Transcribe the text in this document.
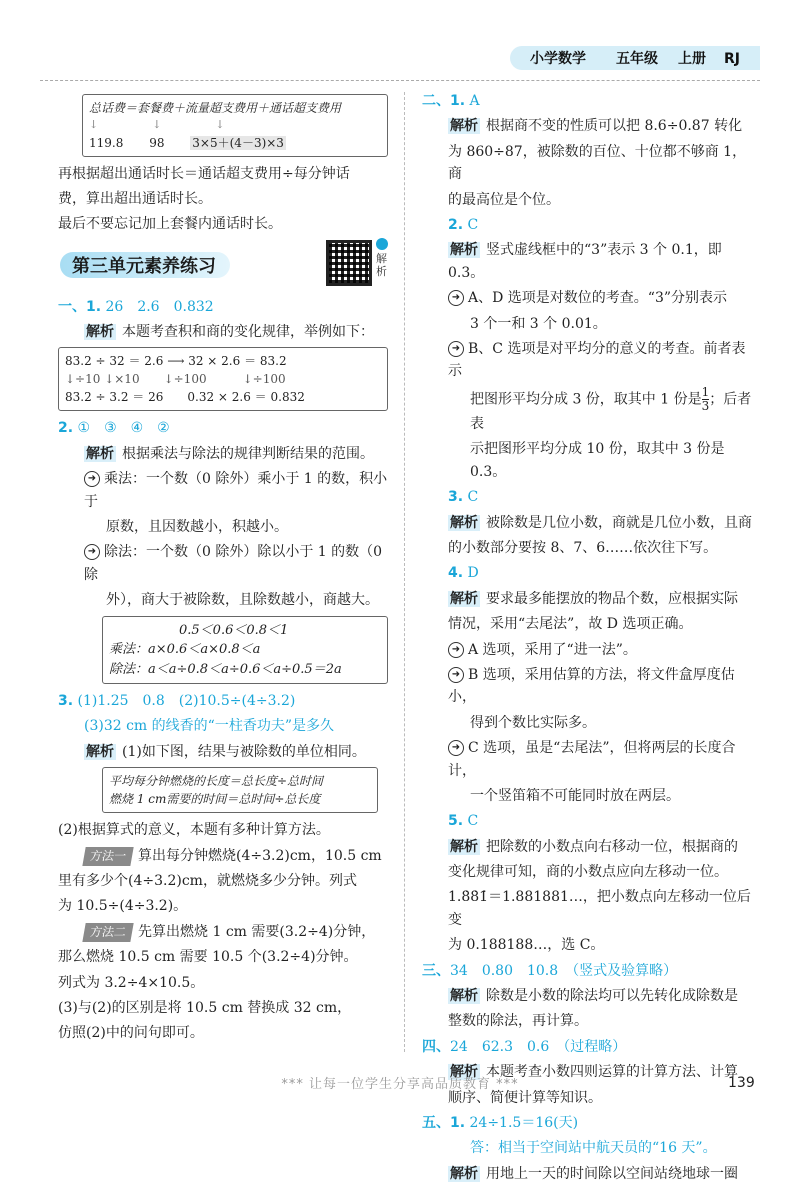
小学数学 五年级 上册 RJ
总话费＝套餐费＋流量超支费用＋通话超支费用
↓　　　　↓　　　　↓
119.8 98 3×5＋(4－3)×3
再根据超出通话时长＝通话超支费用÷每分钟话
费，算出超出通话时长。
最后不要忘记加上套餐内通话时长。
第三单元素养练习	解析
一、1. 26　2.6　0.832
解析 本题考查积和商的变化规律，举例如下：
83.2 ÷ 32 ＝ 2.6 ⟶ 32 × 2.6 ＝ 83.2
↓÷10 ↓×10　　↓÷100　　　↓÷100
83.2 ÷ 3.2 ＝ 26　　0.32 × 2.6 ＝ 0.832
2. ①　③　④　②
解析 根据乘法与除法的规律判断结果的范围。
➜ 乘法：一个数（0 除外）乘小于 1 的数，积小于
原数，且因数越小，积越小。
➜ 除法：一个数（0 除外）除以小于 1 的数（0 除
外），商大于被除数，且除数越小，商越大。
0.5＜0.6＜0.8＜1
乘法：a×0.6＜a×0.8＜a
除法：a＜a÷0.8＜a÷0.6＜a÷0.5＝2a
3. (1)1.25　0.8　(2)10.5÷(4÷3.2)
(3)32 cm 的线香的“一柱香功夫”是多久
解析 (1)如下图，结果与被除数的单位相同。
平均每分钟燃烧的长度＝总长度÷总时间
燃烧 1 cm需要的时间＝总时间÷总长度
(2)根据算式的意义，本题有多种计算方法。
方法一 算出每分钟燃烧(4÷3.2)cm，10.5 cm
里有多少个(4÷3.2)cm，就燃烧多少分钟。列式
为 10.5÷(4÷3.2)。
方法二 先算出燃烧 1 cm 需要(3.2÷4)分钟，
那么燃烧 10.5 cm 需要 10.5 个(3.2÷4)分钟。
列式为 3.2÷4×10.5。
(3)与(2)的区别是将 10.5 cm 替换成 32 cm，
仿照(2)中的问句即可。
二、1. A
解析 根据商不变的性质可以把 8.6÷0.87 转化
为 860÷87，被除数的百位、十位都不够商 1，商
的最高位是个位。
2. C
解析 竖式虚线框中的“3”表示 3 个 0.1，即 0.3。
➜ A、D 选项是对数位的考查。“3”分别表示
3 个一和 3 个 0.01。
➜ B、C 选项是对平均分的意义的考查。前者表示
把图形平均分成 3 份，取其中 1 份是 $\frac{1}{3}$ ；后者表
示把图形平均分成 10 份，取其中 3 份是 0.3。
3. C
解析 被除数是几位小数，商就是几位小数，且商
的小数部分要按 8、7、6……依次往下写。
4. D
解析 要求最多能摆放的物品个数，应根据实际
情况，采用“去尾法”，故 D 选项正确。
➜ A 选项，采用了“进一法”。
➜ B 选项，采用估算的方法，将文件盒厚度估小，
得到个数比实际多。
➜ C 选项，虽是“去尾法”，但将两层的长度合计，
一个竖笛箱不可能同时放在两层。
5. C
解析 把除数的小数点向右移动一位，根据商的
变化规律可知，商的小数点应向左移动一位。
1.8̇8̇1̇＝1.881881…，把小数点向左移动一位后变
为 0.188188…，选 C。
三、34　0.80　10.8　（竖式及验算略）
解析 除数是小数的除法均可以先转化成除数是
整数的除法，再计算。
四、24　62.3　0.6　（过程略）
解析 本题考查小数四则运算的计算方法、计算
顺序、简便计算等知识。
五、1. 24÷1.5＝16(天)
答：相当于空间站中航天员的“16 天”。
解析 用地上一天的时间除以空间站绕地球一圈
*** 让每一位学生分享高品质教育 ***	139
